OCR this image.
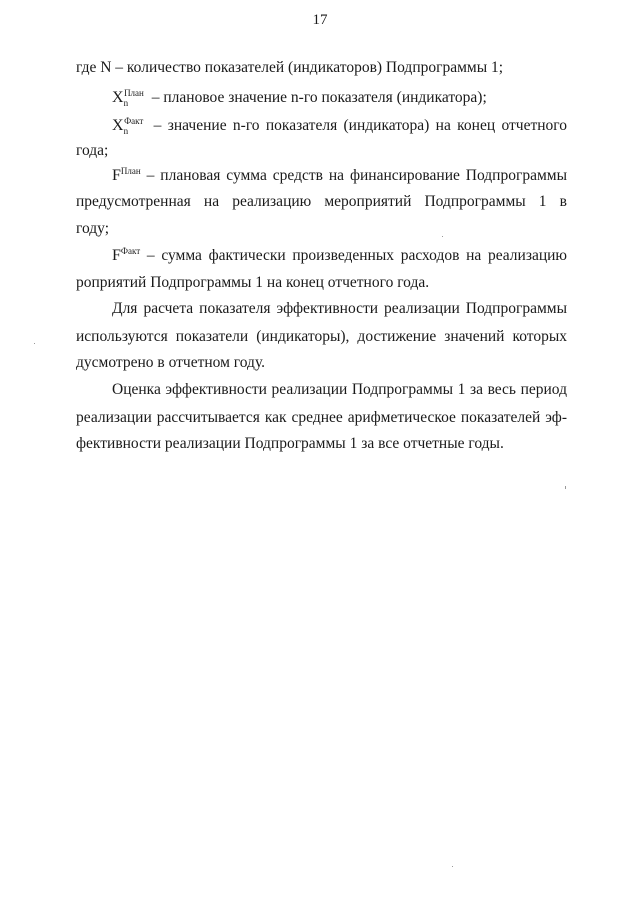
17
где N – количество показателей (индикаторов) Подпрограммы 1;
$X_n^{План}$ – плановое значение n-го показателя (индикатора);
$X_n^{Факт}$ – значение n-го показателя (индикатора) на конец отчетного
года;
$F^{План}$ – плановая сумма средств на финансирование Подпрограммы
предусмотренная на реализацию мероприятий Подпрограммы 1 в
году;
$F^{Факт}$ – сумма фактически произведенных расходов на реализацию
роприятий Подпрограммы 1 на конец отчетного года.
Для расчета показателя эффективности реализации Подпрограммы
используются показатели (индикаторы), достижение значений которых
дусмотрено в отчетном году.
Оценка эффективности реализации Подпрограммы 1 за весь период
реализации рассчитывается как среднее арифметическое показателей эф-
фективности реализации Подпрограммы 1 за все отчетные годы.
